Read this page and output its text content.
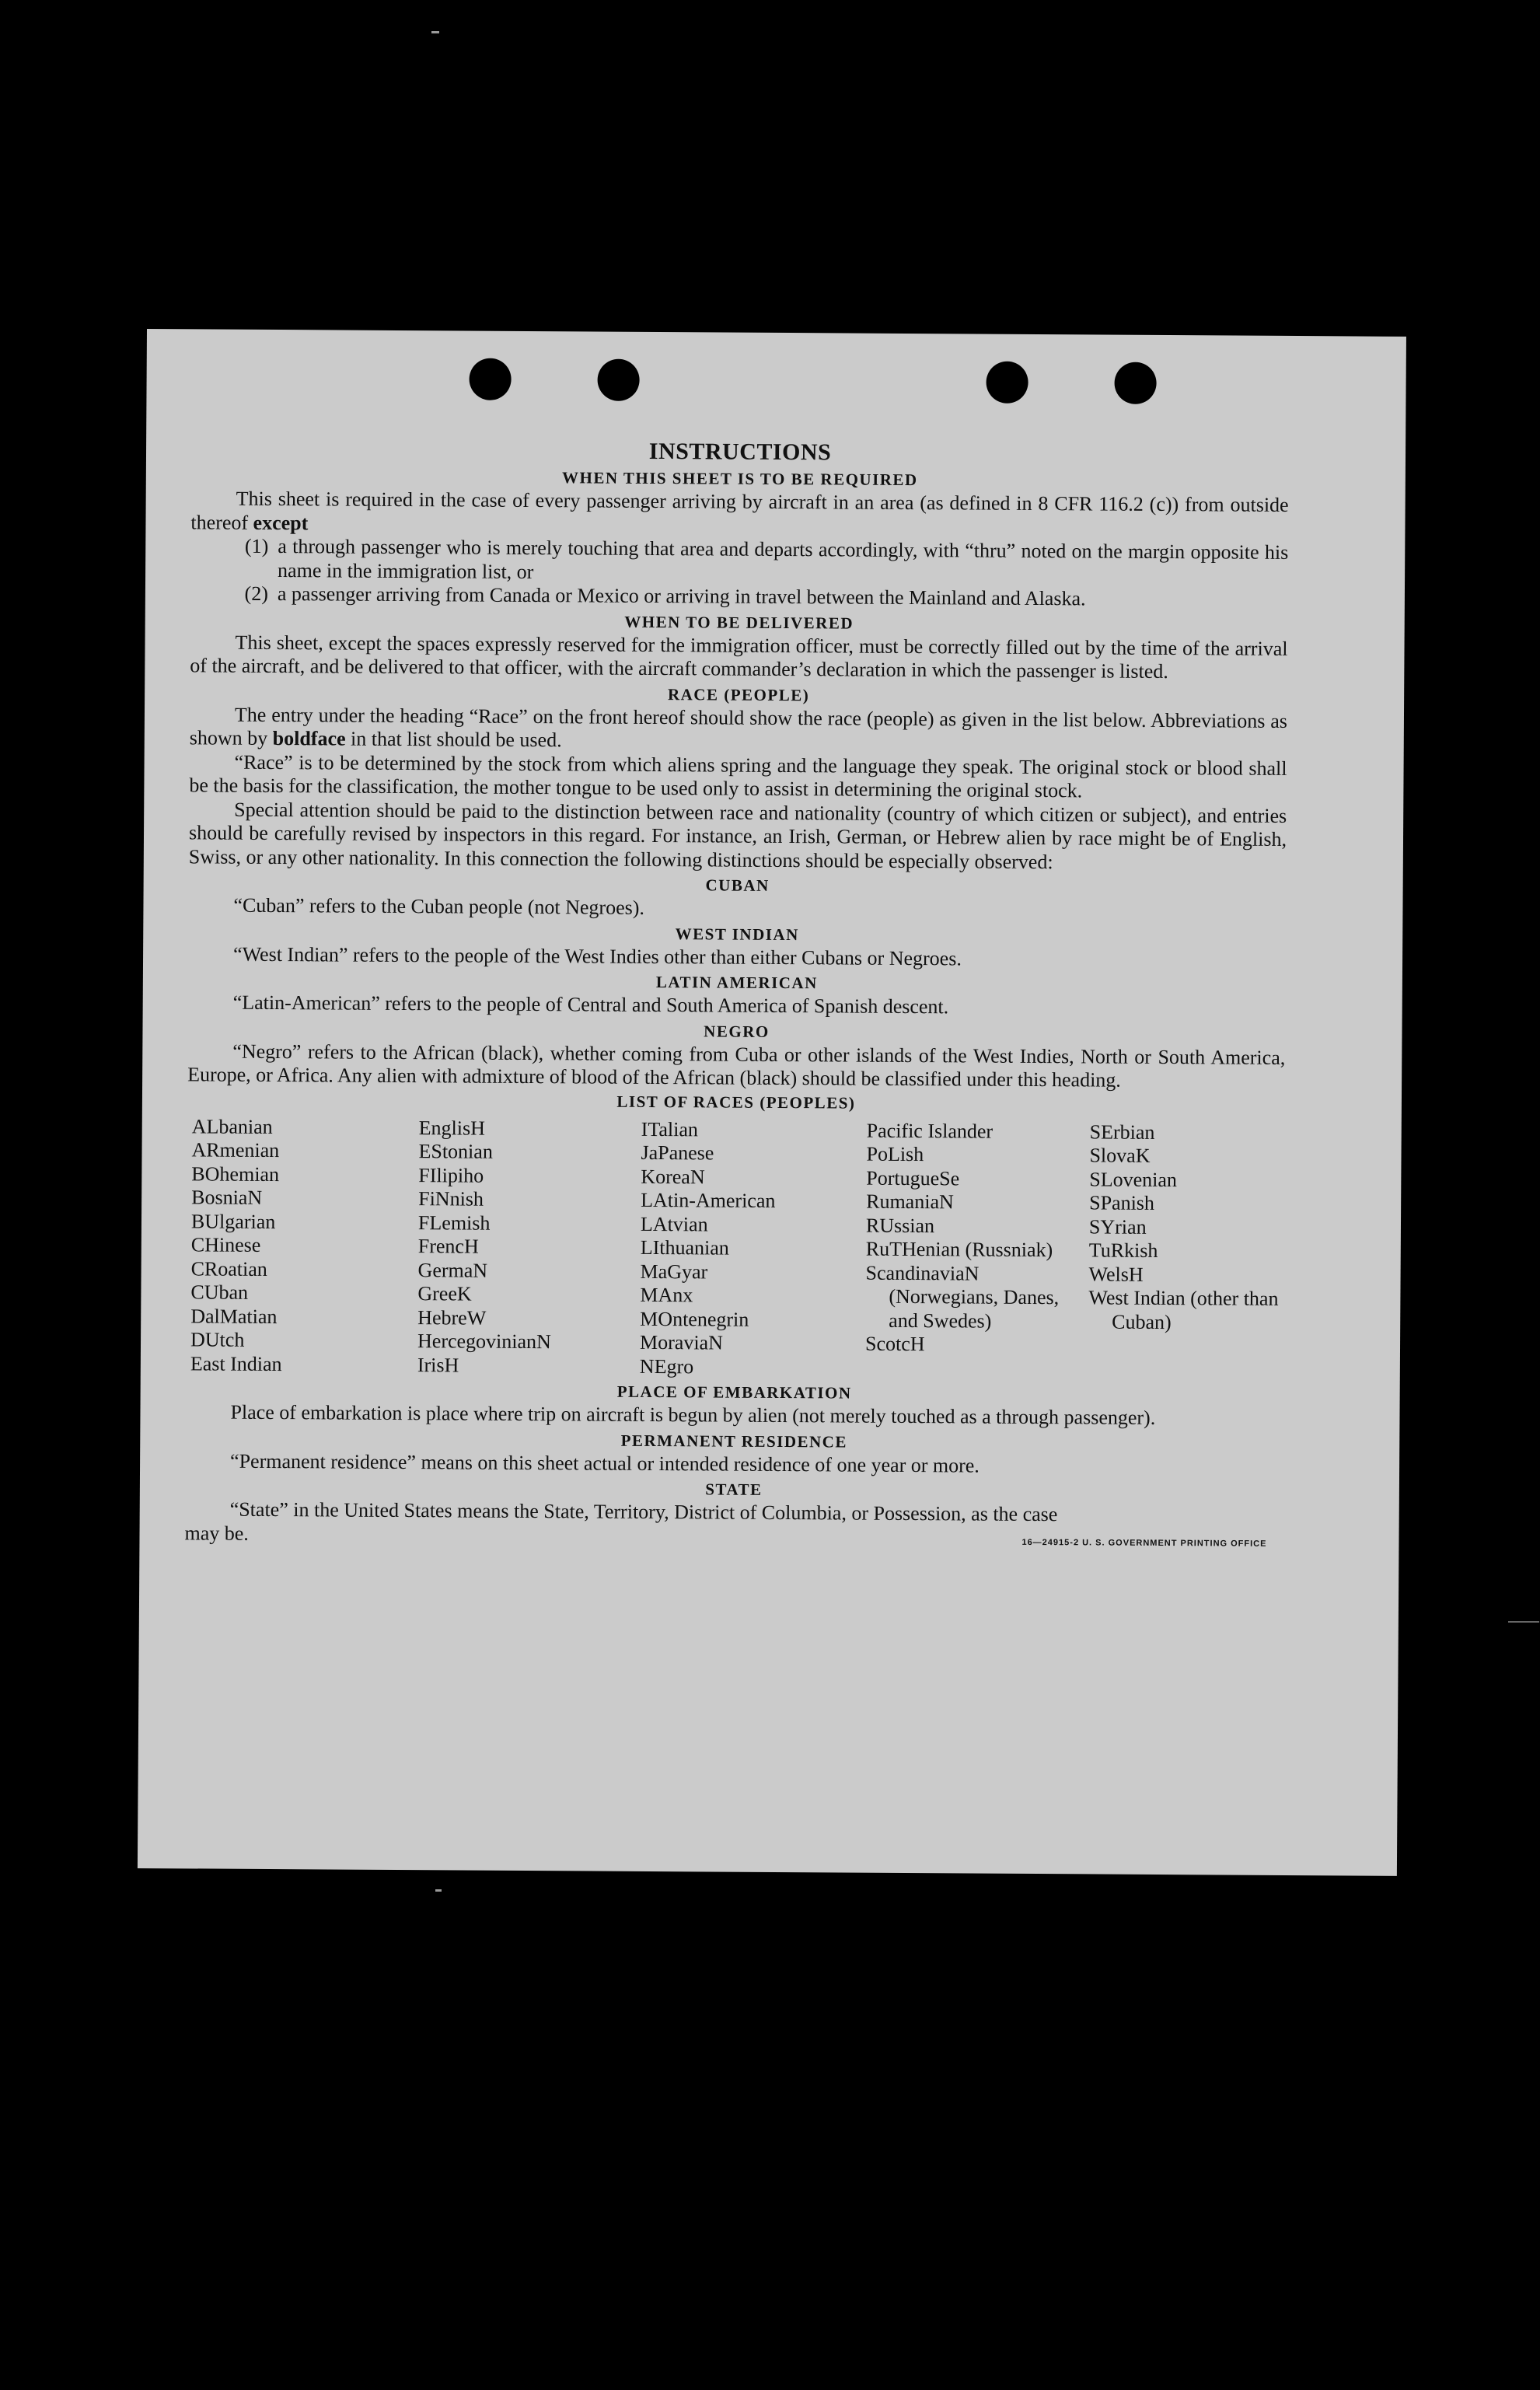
INSTRUCTIONS
WHEN THIS SHEET IS TO BE REQUIRED

This sheet is required in the case of every passenger arriving by aircraft in an area (as defined in 8 CFR 116.2 (c)) from outside thereof except

(1) a through passenger who is merely touching that area and departs accordingly, with “thru” noted on the margin opposite his name in the immigration list, or
(2) a passenger arriving from Canada or Mexico or arriving in travel between the Mainland and Alaska.
WHEN TO BE DELIVERED

This sheet, except the spaces expressly reserved for the immigration officer, must be correctly filled out by the time of the arrival of the aircraft, and be delivered to that officer, with the aircraft commander’s declaration in which the passenger is listed.

RACE (PEOPLE)

The entry under the heading “Race” on the front hereof should show the race (people) as given in the list below. Abbreviations as shown by boldface in that list should be used.

“Race” is to be determined by the stock from which aliens spring and the language they speak. The original stock or blood shall be the basis for the classification, the mother tongue to be used only to assist in determining the original stock.

Special attention should be paid to the distinction between race and nationality (country of which citizen or subject), and entries should be carefully revised by inspectors in this regard. For instance, an Irish, German, or Hebrew alien by race might be of English, Swiss, or any other nationality. In this connection the following distinctions should be especially observed:

CUBAN

“Cuban” refers to the Cuban people (not Negroes).

WEST INDIAN

“West Indian” refers to the people of the West Indies other than either Cubans or Negroes.

LATIN AMERICAN

“Latin-American” refers to the people of Central and South America of Spanish descent.

NEGRO

“Negro” refers to the African (black), whether coming from Cuba or other islands of the West Indies, North or South America, Europe, or Africa. Any alien with admixture of blood of the African (black) should be classified under this heading.

LIST OF RACES (PEOPLES)
ALbanian
ARmenian
BOhemian
BosniaN
BUlgarian
CHinese
CRoatian
CUban
DalMatian
DUtch
East Indian
EnglisH
EStonian
FIlipiho
FiNnish
FLemish
FrencH
GermaN
GreeK
HebreW
HercegovinianN
IrisH
ITalian
JaPanese
KoreaN
LAtin-American
LAtvian
LIthuanian
MaGyar
MAnx
MOntenegrin
MoraviaN
NEgro
Pacific Islander
PoLish
PortugueSe
RumaniaN
RUssian
RuTHenian (Russniak)
ScandinaviaN (Norwegians, Danes, and Swedes)
ScotcH
SErbian
SlovaK
SLovenian
SPanish
SYrian
TuRkish
WelsH
West Indian (other than Cuban)
PLACE OF EMBARKATION

Place of embarkation is place where trip on aircraft is begun by alien (not merely touched as a through passenger).

PERMANENT RESIDENCE

“Permanent residence” means on this sheet actual or intended residence of one year or more.

STATE

“State” in the United States means the State, Territory, District of Columbia, or Possession, as the case

may be.	16—24915-2 U. S. GOVERNMENT PRINTING OFFICE
